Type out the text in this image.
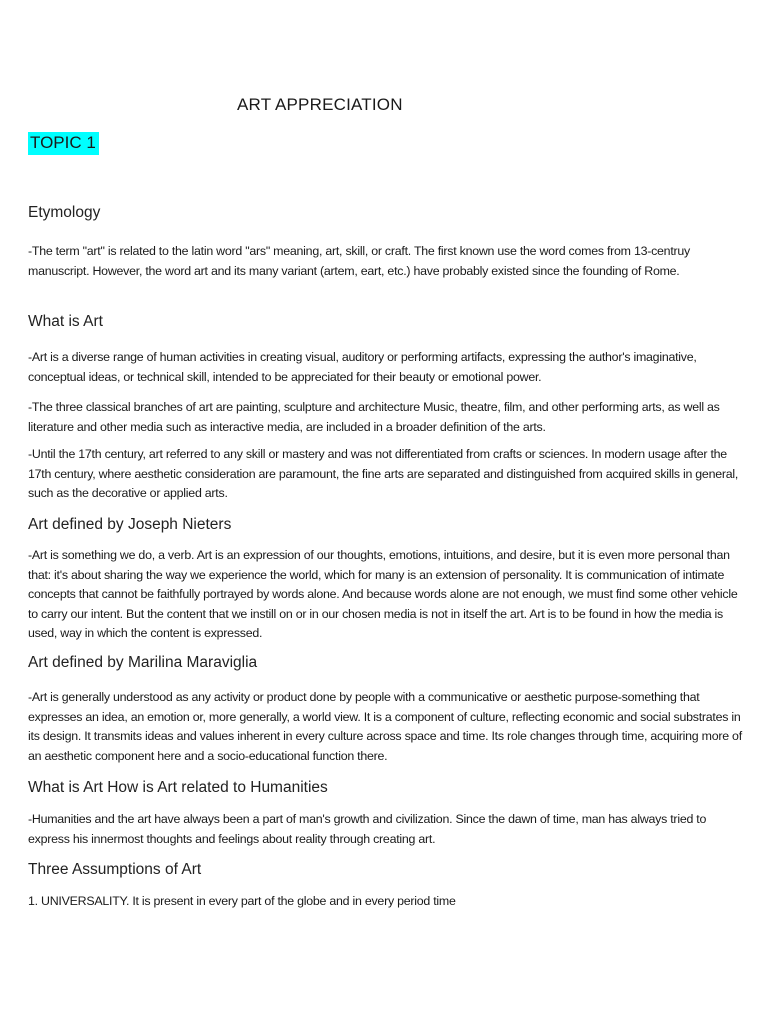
ART APPRECIATION
TOPIC 1
Etymology
-The term "art" is related to the latin word "ars" meaning, art, skill, or craft. The first known use the word comes from 13-centruy manuscript. However, the word art and its many variant (artem, eart, etc.) have probably existed since the founding of Rome.
What is Art
-Art is a diverse range of human activities in creating visual, auditory or performing artifacts, expressing the author's imaginative, conceptual ideas, or technical skill, intended to be appreciated for their beauty or emotional power.
-The three classical branches of art are painting, sculpture and architecture Music, theatre, film, and other performing arts, as well as literature and other media such as interactive media, are included in a broader definition of the arts.
-Until the 17th century, art referred to any skill or mastery and was not differentiated from crafts or sciences. In modern usage after the 17th century, where aesthetic consideration are paramount, the fine arts are separated and distinguished from acquired skills in general, such as the decorative or applied arts.
Art defined by Joseph Nieters
-Art is something we do, a verb. Art is an expression of our thoughts, emotions, intuitions, and desire, but it is even more personal than that: it's about sharing the way we experience the world, which for many is an extension of personality. It is communication of intimate concepts that cannot be faithfully portrayed by words alone. And because words alone are not enough, we must find some other vehicle to carry our intent. But the content that we instill on or in our chosen media is not in itself the art. Art is to be found in how the media is used, way in which the content is expressed.
Art defined by Marilina Maraviglia
-Art is generally understood as any activity or product done by people with a communicative or aesthetic purpose-something that expresses an idea, an emotion or, more generally, a world view. It is a component of culture, reflecting economic and social substrates in its design. It transmits ideas and values inherent in every culture across space and time. Its role changes through time, acquiring more of an aesthetic component here and a socio-educational function there.
What is Art How is Art related to Humanities
-Humanities and the art have always been a part of man's growth and civilization. Since the dawn of time, man has always tried to express his innermost thoughts and feelings about reality through creating art.
Three Assumptions of Art
1. UNIVERSALITY. It is present in every part of the globe and in every period time
